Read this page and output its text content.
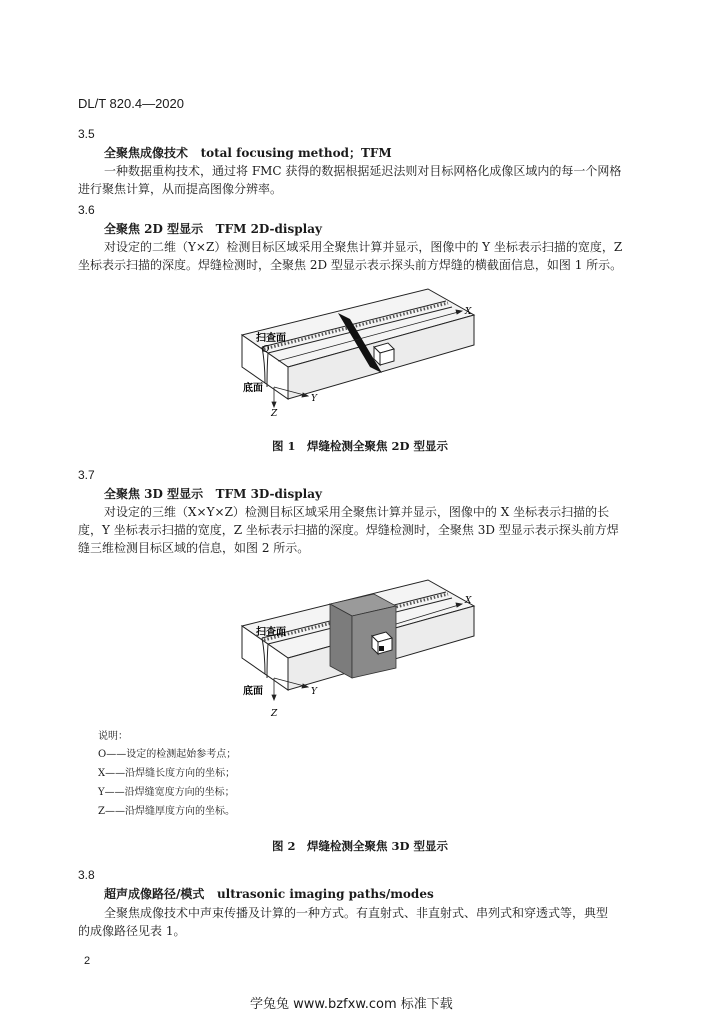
DL/T 820.4—2020
3.5
全聚焦成像技术 total focusing method；TFM
一种数据重构技术，通过将 FMC 获得的数据根据延迟法则对目标网格化成像区域内的每一个网格
进行聚焦计算，从而提高图像分辨率。
3.6
全聚焦 2D 型显示 TFM 2D-display
对设定的二维（Y×Z）检测目标区域采用全聚焦计算并显示，图像中的 Y 坐标表示扫描的宽度，Z
坐标表示扫描的深度。焊缝检测时，全聚焦 2D 型显示表示探头前方焊缝的横截面信息，如图 1 所示。
扫查面
O
底面
X
Y
Z
图 1　焊缝检测全聚焦 2D 型显示
3.7
全聚焦 3D 型显示 TFM 3D-display
对设定的三维（X×Y×Z）检测目标区域采用全聚焦计算并显示，图像中的 X 坐标表示扫描的长
度，Y 坐标表示扫描的宽度，Z 坐标表示扫描的深度。焊缝检测时，全聚焦 3D 型显示表示探头前方焊
缝三维检测目标区域的信息，如图 2 所示。
扫查面
底面
X
Y
Z
说明：
O——设定的检测起始参考点；
X——沿焊缝长度方向的坐标；
Y——沿焊缝宽度方向的坐标；
Z——沿焊缝厚度方向的坐标。
图 2　焊缝检测全聚焦 3D 型显示
3.8
超声成像路径/模式 ultrasonic imaging paths/modes
全聚焦成像技术中声束传播及计算的一种方式。有直射式、非直射式、串列式和穿透式等，典型
的成像路径见表 1。
2
学兔兔 www.bzfxw.com 标准下载
